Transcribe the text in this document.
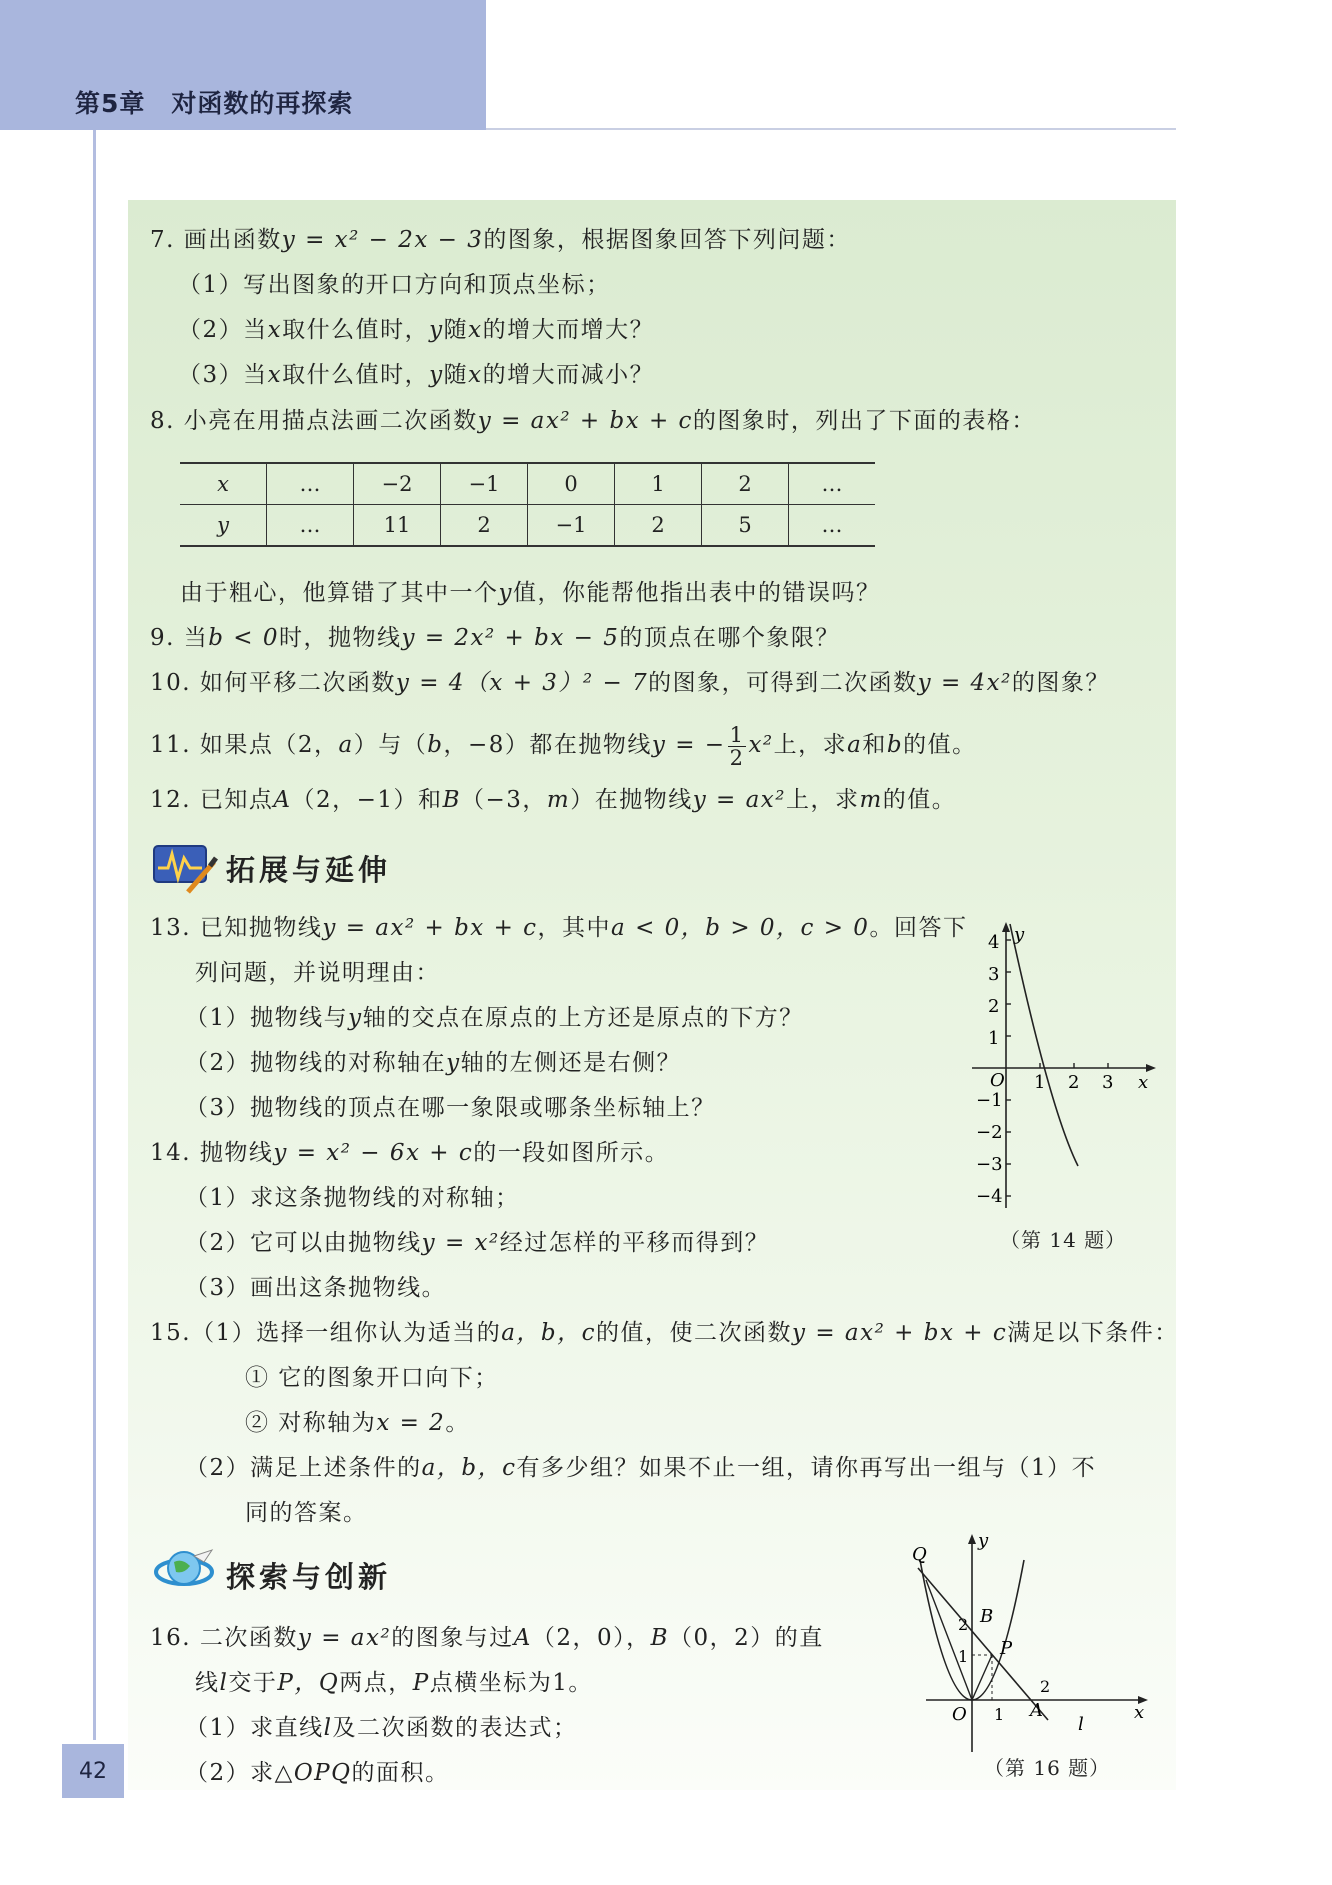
第5章　对函数的再探索
42
7. 画出函数y = x² − 2x − 3的图象，根据图象回答下列问题：
（1）写出图象的开口方向和顶点坐标；
（2）当x取什么值时，y随x的增大而增大？
（3）当x取什么值时，y随x的增大而减小？
8. 小亮在用描点法画二次函数y = ax² + bx + c的图象时，列出了下面的表格：
x	…	−2	−1	0	1	2	…
y	…	11	2	−1	2	5	…
由于粗心，他算错了其中一个y值，你能帮他指出表中的错误吗？
9. 当b < 0时，抛物线y = 2x² + bx − 5的顶点在哪个象限？
10. 如何平移二次函数y = 4（x + 3）² − 7的图象，可得到二次函数y = 4x²的图象？
11. 如果点（2，a）与（b，−8）都在抛物线y = − $\frac{1}{2} x^2$上，求a和b的值。
12. 已知点A（2，−1）和B（−3，m）在抛物线y = ax²上，求m的值。
拓展与延伸
13. 已知抛物线y = ax² + bx + c，其中a < 0，b > 0，c > 0。回答下
列问题，并说明理由：
（1）抛物线与y轴的交点在原点的上方还是原点的下方？
（2）抛物线的对称轴在y轴的左侧还是右侧？
（3）抛物线的顶点在哪一象限或哪条坐标轴上？
14. 抛物线y = x² − 6x + c的一段如图所示。
（1）求这条抛物线的对称轴；
（2）它可以由抛物线y = x²经过怎样的平移而得到？
（3）画出这条抛物线。
4
3
2
1
−1
−2
−3
−4
O 1 2 3 x
y
（第 14 题）
15.（1）选择一组你认为适当的a，b，c的值，使二次函数y = ax² + bx + c满足以下条件：
① 它的图象开口向下；
② 对称轴为x = 2。
（2）满足上述条件的a，b，c有多少组？如果不止一组，请你再写出一组与（1）不
同的答案。
探索与创新
16. 二次函数y = ax²的图象与过A（2，0），B（0，2）的直
线l交于P，Q两点，P点横坐标为1。
（1）求直线l及二次函数的表达式；
（2）求△OPQ的面积。
y
Q
B
P
A
l
1
2
1
2
O	x
（第 16 题）
